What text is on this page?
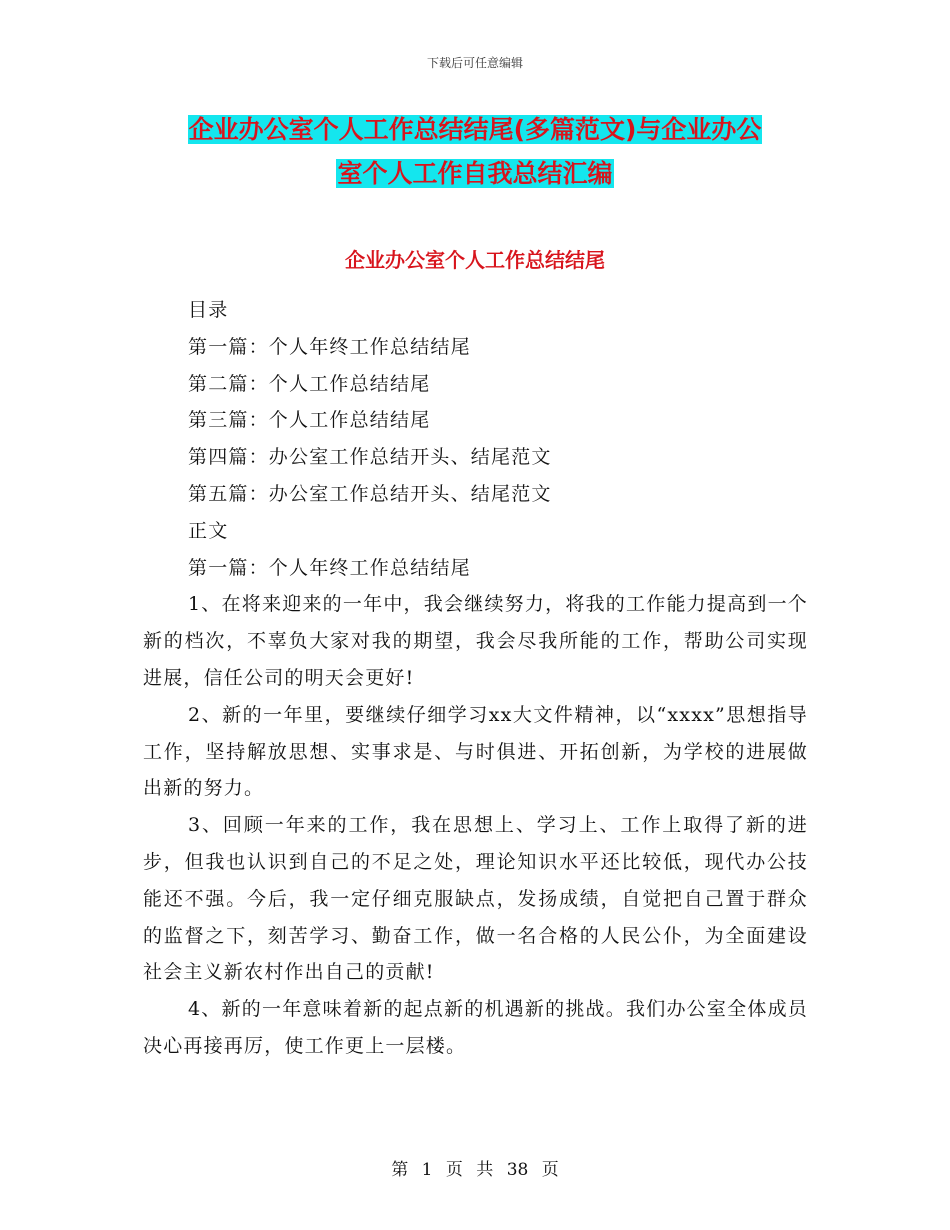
下载后可任意编辑
企业办公室个人工作总结结尾(多篇范文)与企业办公
室个人工作自我总结汇编
企业办公室个人工作总结结尾
目录
第一篇：个人年终工作总结结尾
第二篇：个人工作总结结尾
第三篇：个人工作总结结尾
第四篇：办公室工作总结开头、结尾范文
第五篇：办公室工作总结开头、结尾范文
正文
第一篇：个人年终工作总结结尾

1、在将来迎来的一年中，我会继续努力，将我的工作能力提高到一个新的档次，不辜负大家对我的期望，我会尽我所能的工作，帮助公司实现进展，信任公司的明天会更好!

2、新的一年里，要继续仔细学习xx大文件精神，以“xxxx”思想指导工作，坚持解放思想、实事求是、与时俱进、开拓创新，为学校的进展做出新的努力。

3、回顾一年来的工作，我在思想上、学习上、工作上取得了新的进步，但我也认识到自己的不足之处，理论知识水平还比较低，现代办公技能还不强。今后，我一定仔细克服缺点，发扬成绩，自觉把自己置于群众的监督之下，刻苦学习、勤奋工作，做一名合格的人民公仆，为全面建设社会主义新农村作出自己的贡献!

4、新的一年意味着新的起点新的机遇新的挑战。我们办公室全体成员决心再接再厉，使工作更上一层楼。

第 1 页 共 38 页
